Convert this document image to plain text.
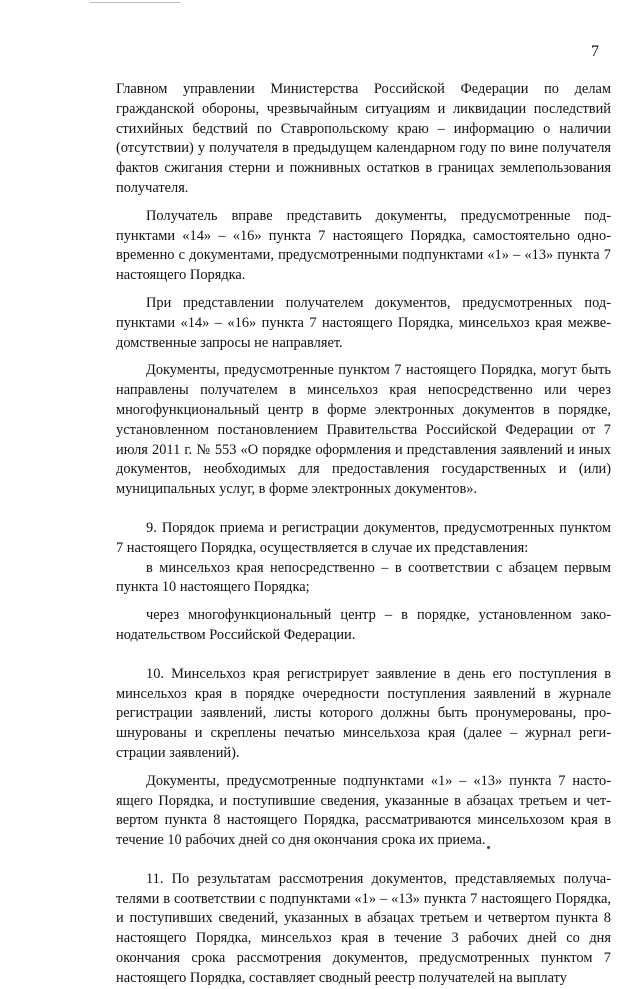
7

Главном управлении Министерства Российской Федерации по делам гражданской обороны, чрезвычайным ситуациям и ликвидации последствий стихийных бедствий по Ставропольскому краю – информацию о наличии (отсутствии) у получателя в предыдущем календарном году по вине получателя фактов сжигания стерни и пожнивных остатков в границах землепользования получателя.

Получатель вправе представить документы, предусмотренные подпунктами «14» – «16» пункта 7 настоящего Порядка, самостоятельно одновременно с документами, предусмотренными подпунктами «1» – «13» пункта 7 настоящего Порядка.

При представлении получателем документов, предусмотренных подпунктами «14» – «16» пункта 7 настоящего Порядка, минсельхоз края межведомственные запросы не направляет.

Документы, предусмотренные пунктом 7 настоящего Порядка, могут быть направлены получателем в минсельхоз края непосредственно или через многофункциональный центр в форме электронных документов в порядке, установленном постановлением Правительства Российской Федерации от 7 июля 2011 г. № 553 «О порядке оформления и представления заявлений и иных документов, необходимых для предоставления государственных и (или) муниципальных услуг, в форме электронных документов».

9. Порядок приема и регистрации документов, предусмотренных пунктом 7 настоящего Порядка, осуществляется в случае их представления:

в минсельхоз края непосредственно – в соответствии с абзацем первым пункта 10 настоящего Порядка;

через многофункциональный центр – в порядке, установленном законодательством Российской Федерации.

10. Минсельхоз края регистрирует заявление в день его поступления в минсельхоз края в порядке очередности поступления заявлений в журнале регистрации заявлений, листы которого должны быть пронумерованы, прошнурованы и скреплены печатью минсельхоза края (далее – журнал регистрации заявлений).

Документы, предусмотренные подпунктами «1» – «13» пункта 7 настоящего Порядка, и поступившие сведения, указанные в абзацах третьем и четвертом пункта 8 настоящего Порядка, рассматриваются минсельхозом края в течение 10 рабочих дней со дня окончания срока их приема.

11. По результатам рассмотрения документов, представляемых получателями в соответствии с подпунктами «1» – «13» пункта 7 настоящего Порядка, и поступивших сведений, указанных в абзацах третьем и четвертом пункта 8 настоящего Порядка, минсельхоз края в течение 3 рабочих дней со дня окончания срока рассмотрения документов, предусмотренных пунктом 7 настоящего Порядка, составляет сводный реестр получателей на выплату
